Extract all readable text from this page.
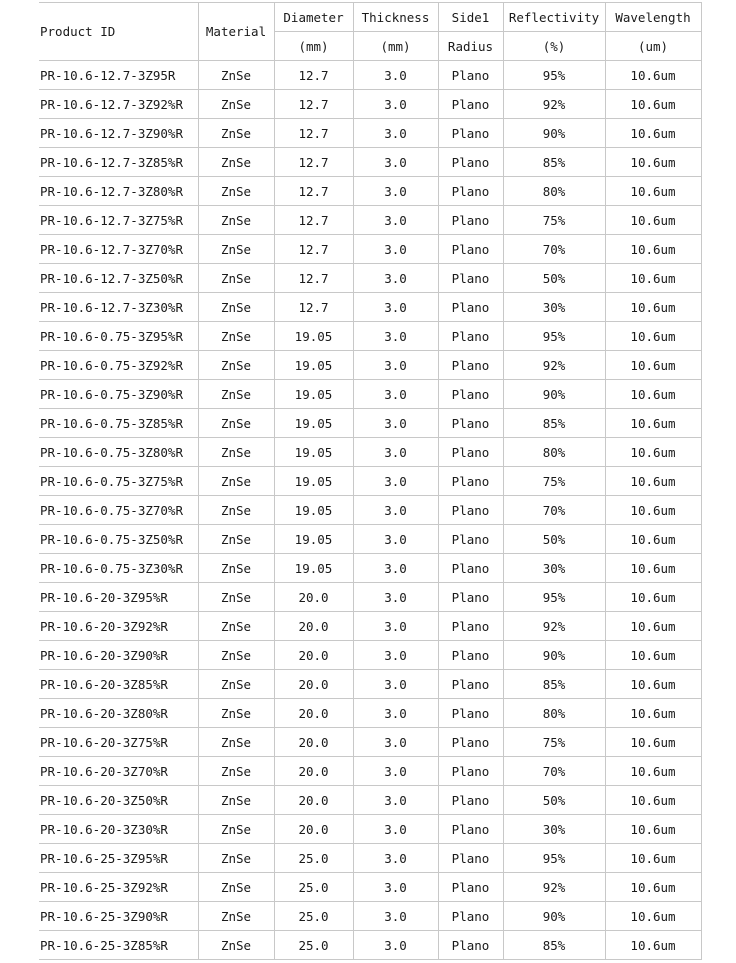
Product ID	Material	Diameter	Thickness	Side1	Reflectivity	Wavelength
		(mm)	(mm)	Radius	(%)	(um)
PR-10.6-12.7-3Z95R	ZnSe	12.7	3.0	Plano	95%	10.6um
PR-10.6-12.7-3Z92%R	ZnSe	12.7	3.0	Plano	92%	10.6um
PR-10.6-12.7-3Z90%R	ZnSe	12.7	3.0	Plano	90%	10.6um
PR-10.6-12.7-3Z85%R	ZnSe	12.7	3.0	Plano	85%	10.6um
PR-10.6-12.7-3Z80%R	ZnSe	12.7	3.0	Plano	80%	10.6um
PR-10.6-12.7-3Z75%R	ZnSe	12.7	3.0	Plano	75%	10.6um
PR-10.6-12.7-3Z70%R	ZnSe	12.7	3.0	Plano	70%	10.6um
PR-10.6-12.7-3Z50%R	ZnSe	12.7	3.0	Plano	50%	10.6um
PR-10.6-12.7-3Z30%R	ZnSe	12.7	3.0	Plano	30%	10.6um
PR-10.6-0.75-3Z95%R	ZnSe	19.05	3.0	Plano	95%	10.6um
PR-10.6-0.75-3Z92%R	ZnSe	19.05	3.0	Plano	92%	10.6um
PR-10.6-0.75-3Z90%R	ZnSe	19.05	3.0	Plano	90%	10.6um
PR-10.6-0.75-3Z85%R	ZnSe	19.05	3.0	Plano	85%	10.6um
PR-10.6-0.75-3Z80%R	ZnSe	19.05	3.0	Plano	80%	10.6um
PR-10.6-0.75-3Z75%R	ZnSe	19.05	3.0	Plano	75%	10.6um
PR-10.6-0.75-3Z70%R	ZnSe	19.05	3.0	Plano	70%	10.6um
PR-10.6-0.75-3Z50%R	ZnSe	19.05	3.0	Plano	50%	10.6um
PR-10.6-0.75-3Z30%R	ZnSe	19.05	3.0	Plano	30%	10.6um
PR-10.6-20-3Z95%R	ZnSe	20.0	3.0	Plano	95%	10.6um
PR-10.6-20-3Z92%R	ZnSe	20.0	3.0	Plano	92%	10.6um
PR-10.6-20-3Z90%R	ZnSe	20.0	3.0	Plano	90%	10.6um
PR-10.6-20-3Z85%R	ZnSe	20.0	3.0	Plano	85%	10.6um
PR-10.6-20-3Z80%R	ZnSe	20.0	3.0	Plano	80%	10.6um
PR-10.6-20-3Z75%R	ZnSe	20.0	3.0	Plano	75%	10.6um
PR-10.6-20-3Z70%R	ZnSe	20.0	3.0	Plano	70%	10.6um
PR-10.6-20-3Z50%R	ZnSe	20.0	3.0	Plano	50%	10.6um
PR-10.6-20-3Z30%R	ZnSe	20.0	3.0	Plano	30%	10.6um
PR-10.6-25-3Z95%R	ZnSe	25.0	3.0	Plano	95%	10.6um
PR-10.6-25-3Z92%R	ZnSe	25.0	3.0	Plano	92%	10.6um
PR-10.6-25-3Z90%R	ZnSe	25.0	3.0	Plano	90%	10.6um
PR-10.6-25-3Z85%R	ZnSe	25.0	3.0	Plano	85%	10.6um
